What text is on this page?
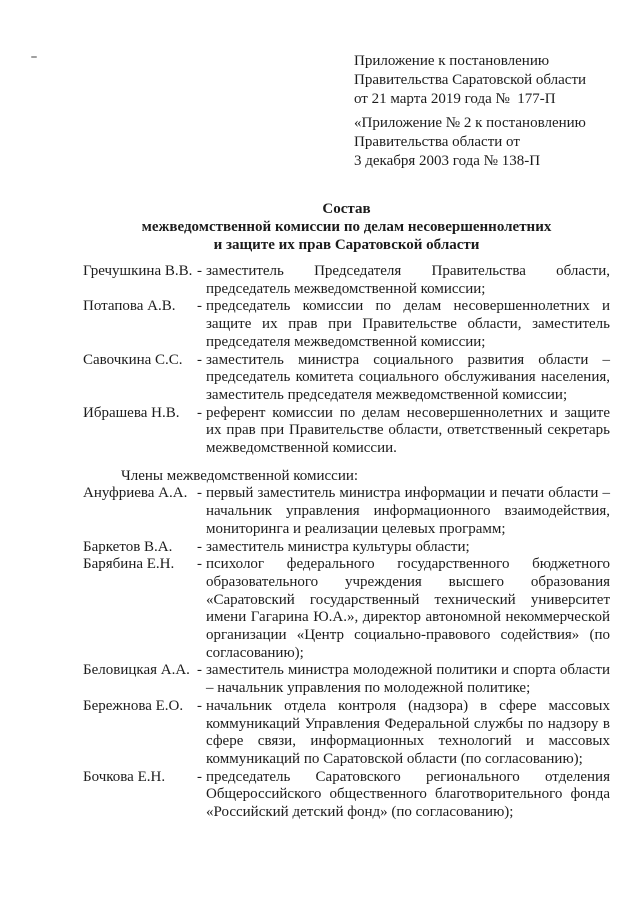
Приложение к постановлению

Правительства Саратовской области

от 21 марта 2019 года №  177-П

«Приложение № 2 к постановлению

Правительства области от

3 декабря 2003 года № 138-П

Состав

межведомственной комиссии по делам несовершеннолетних

и защите их прав Саратовской области

Гречушкина В.В. - заместитель Председателя Правительства области, председатель межведомственной комиссии;
Потапова А.В.	- председатель комиссии по делам несовершеннолетних и защите их прав при Правительстве области, заместитель председателя межведомственной комиссии;
Савочкина С.С. - заместитель министра социального развития области – председатель комитета социального обслуживания населения, заместитель председателя межведомственной комиссии;
Ибрашева Н.В.	- референт комиссии по делам несовершеннолетних и защите их прав при Правительстве области, ответственный секретарь межведомственной комиссии.

Члены межведомственной комиссии:

Ануфриева А.А. - первый заместитель министра информации и печати области – начальник управления информационного взаимодействия, мониторинга и реализации целевых программ;
Баркетов В.А.	- заместитель министра культуры области;
Барябина Е.Н.	- психолог федерального государственного бюджетного образовательного учреждения высшего образования «Саратовский государственный технический университет имени Гагарина Ю.А.», директор автономной некоммерческой организации «Центр социально-правового содействия» (по согласованию);
Беловицкая А.А. - заместитель министра молодежной политики и спорта области – начальник управления по молодежной политике;
Бережнова Е.О. - начальник отдела контроля (надзора) в сфере массовых коммуникаций Управления Федеральной службы по надзору в сфере связи, информационных технологий и массовых коммуникаций по Саратовской области (по согласованию);
Бочкова Е.Н.	- председатель Саратовского регионального отделения Общероссийского общественного благотворительного фонда «Российский детский фонд» (по согласованию);
